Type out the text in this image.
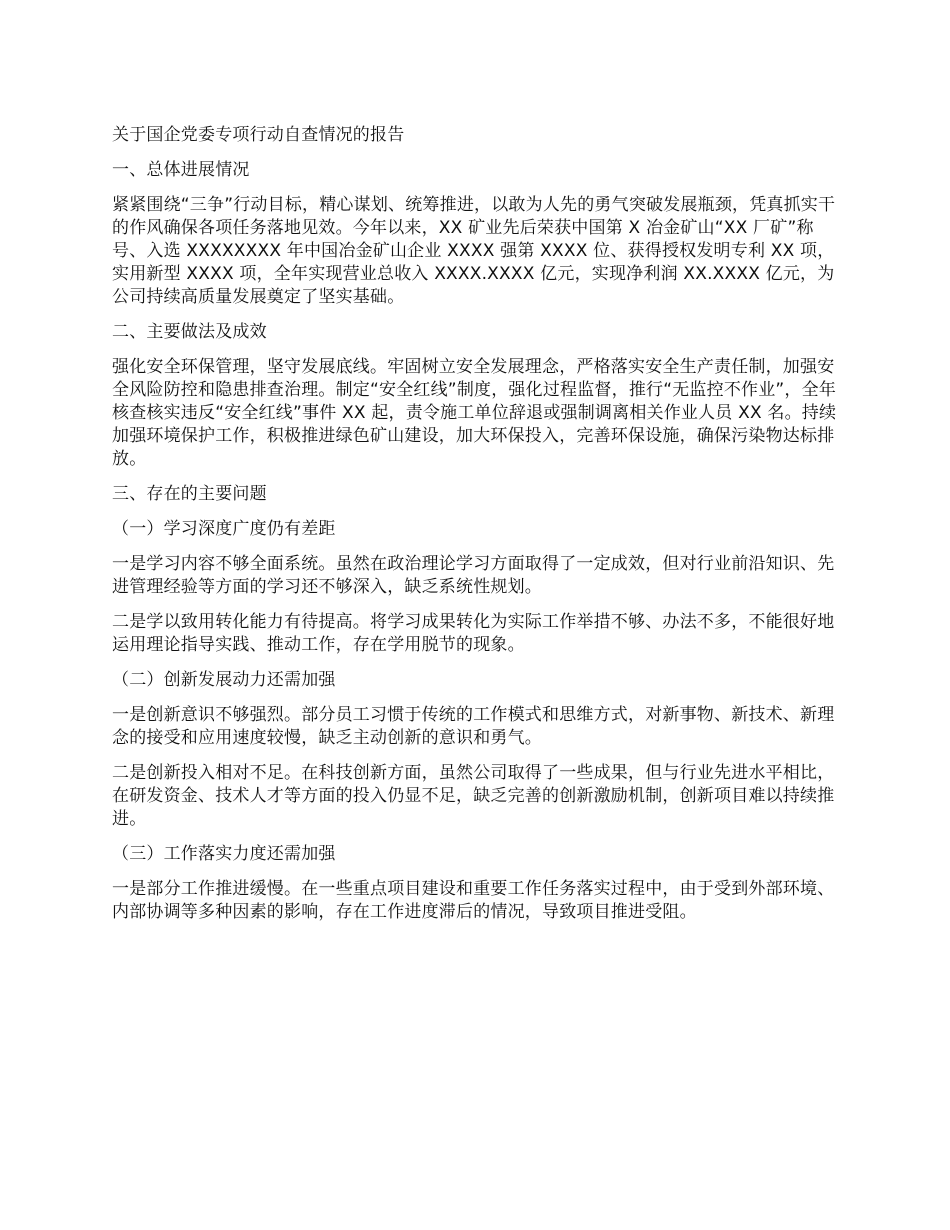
关于国企党委专项行动自查情况的报告
一、总体进展情况
紧紧围绕“三争”行动目标，精心谋划、统筹推进，以敢为人先的勇气突破发展瓶颈，凭真抓实干的作风确保各项任务落地见效。今年以来，XX 矿业先后荣获中国第 X 冶金矿山“XX 厂矿”称号、入选 XXXXXXXX 年中国冶金矿山企业 XXXX 强第 XXXX 位、获得授权发明专利 XX 项，实用新型 XXXX 项，全年实现营业总收入 XXXX.XXXX 亿元，实现净利润 XX.XXXX 亿元，为公司持续高质量发展奠定了坚实基础。
二、主要做法及成效
强化安全环保管理，坚守发展底线。牢固树立安全发展理念，严格落实安全生产责任制，加强安全风险防控和隐患排查治理。制定“安全红线”制度，强化过程监督，推行“无监控不作业”，全年核查核实违反“安全红线”事件 XX 起，责令施工单位辞退或强制调离相关作业人员 XX 名。持续加强环境保护工作，积极推进绿色矿山建设，加大环保投入，完善环保设施，确保污染物达标排放。
三、存在的主要问题
（一）学习深度广度仍有差距
一是学习内容不够全面系统。虽然在政治理论学习方面取得了一定成效，但对行业前沿知识、先进管理经验等方面的学习还不够深入，缺乏系统性规划。
二是学以致用转化能力有待提高。将学习成果转化为实际工作举措不够、办法不多，不能很好地运用理论指导实践、推动工作，存在学用脱节的现象。
（二）创新发展动力还需加强
一是创新意识不够强烈。部分员工习惯于传统的工作模式和思维方式，对新事物、新技术、新理念的接受和应用速度较慢，缺乏主动创新的意识和勇气。
二是创新投入相对不足。在科技创新方面，虽然公司取得了一些成果，但与行业先进水平相比，在研发资金、技术人才等方面的投入仍显不足，缺乏完善的创新激励机制，创新项目难以持续推进。
（三）工作落实力度还需加强
一是部分工作推进缓慢。在一些重点项目建设和重要工作任务落实过程中，由于受到外部环境、内部协调等多种因素的影响，存在工作进度滞后的情况，导致项目推进受阻。
